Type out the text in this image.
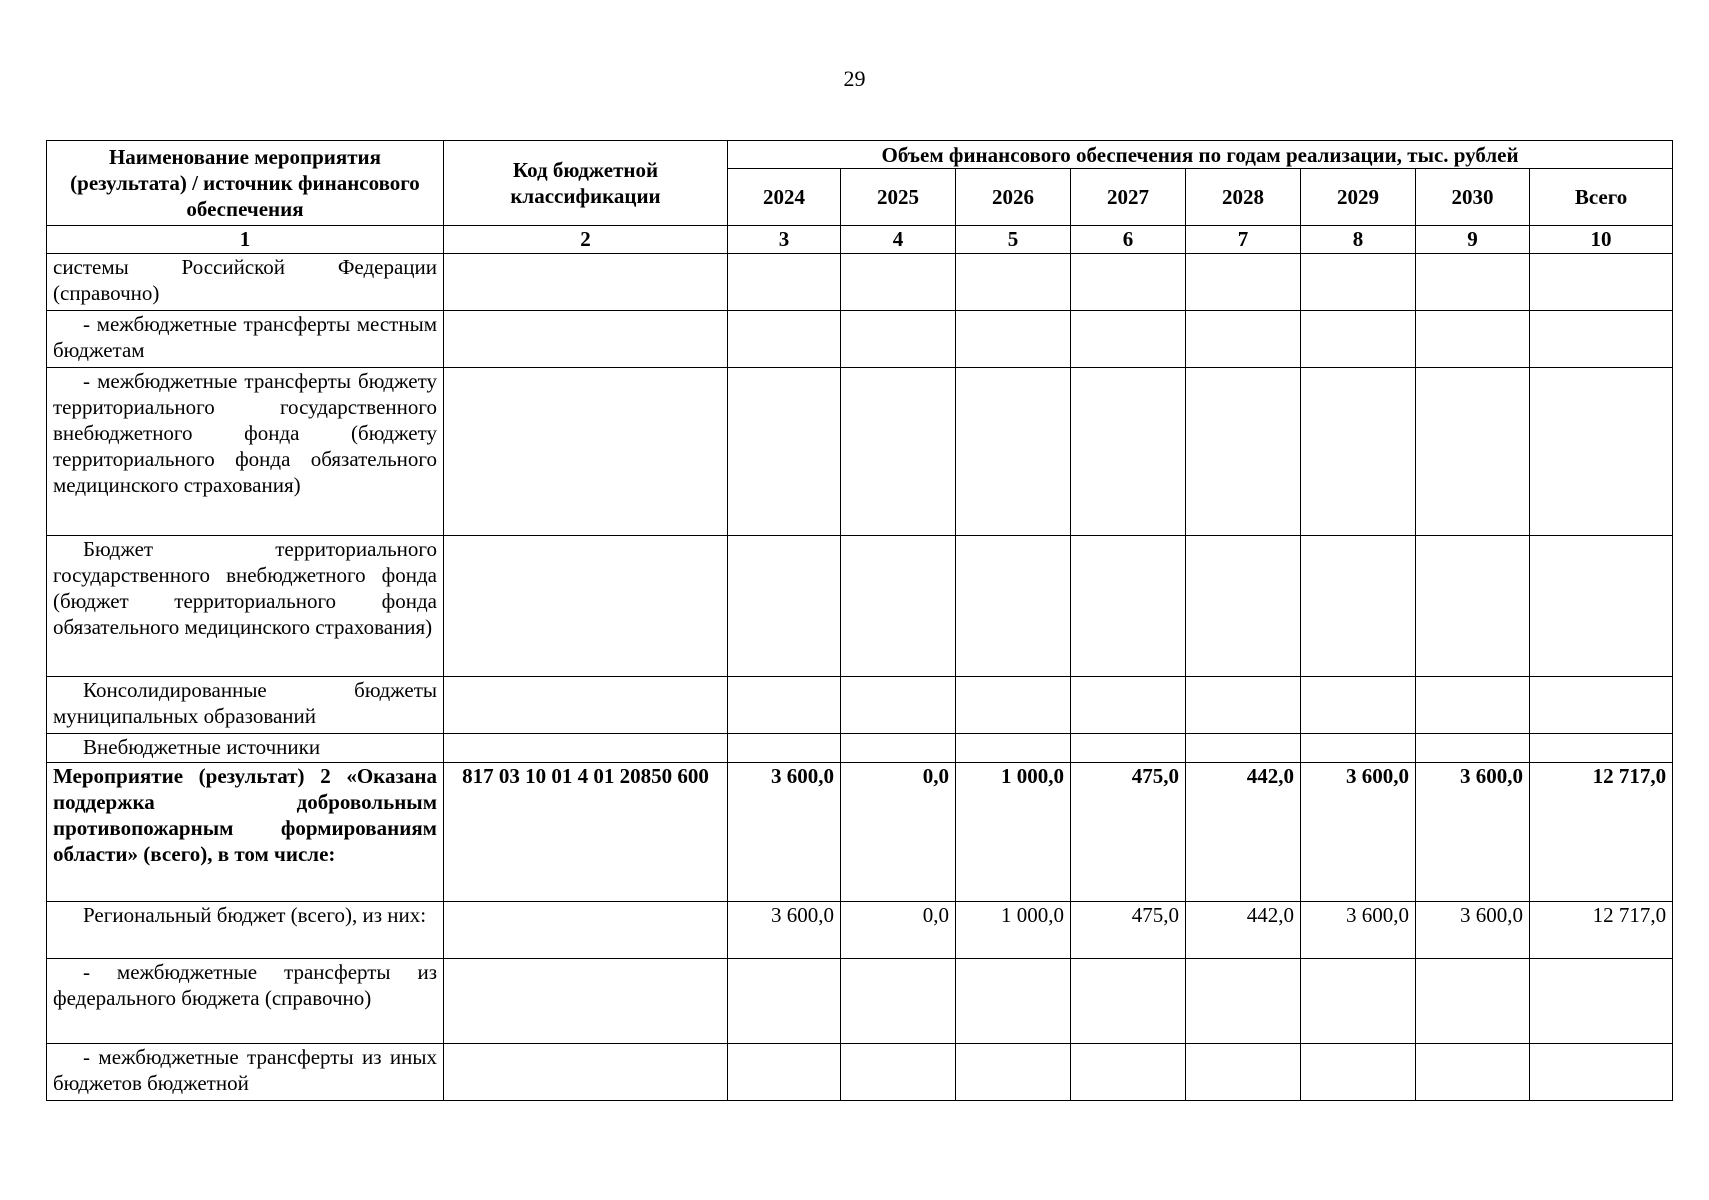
29
Наименование мероприятия (результата) / источник финансового обеспечения	Код бюджетной классификации	Объем финансового обеспечения по годам реализации, тыс. рублей							
		2024	2025	2026	2027	2028	2029	2030	Всего
1	2	3	4	5	6	7	8	9	10
системы Российской Федерации (справочно)									
- межбюджетные трансферты местным бюджетам									
- межбюджетные трансферты бюджету территориального государственного внебюджетного фонда (бюджету территориального фонда обязательного медицинского страхования)									
Бюджет территориального государственного внебюджетного фонда (бюджет территориального фонда обязательного медицинского страхования)									
Консолидированные бюджеты муниципальных образований									
Внебюджетные источники									
Мероприятие (результат) 2 «Оказана поддержка добровольным противопожарным формированиям области» (всего), в том числе:	817 03 10 01 4 01 20850 600	3 600,0	0,0	1 000,0	475,0	442,0	3 600,0	3 600,0	12 717,0
Региональный бюджет (всего), из них:		3 600,0	0,0	1 000,0	475,0	442,0	3 600,0	3 600,0	12 717,0
- межбюджетные трансферты из федерального бюджета (справочно)									
- межбюджетные трансферты из иных бюджетов бюджетной									
